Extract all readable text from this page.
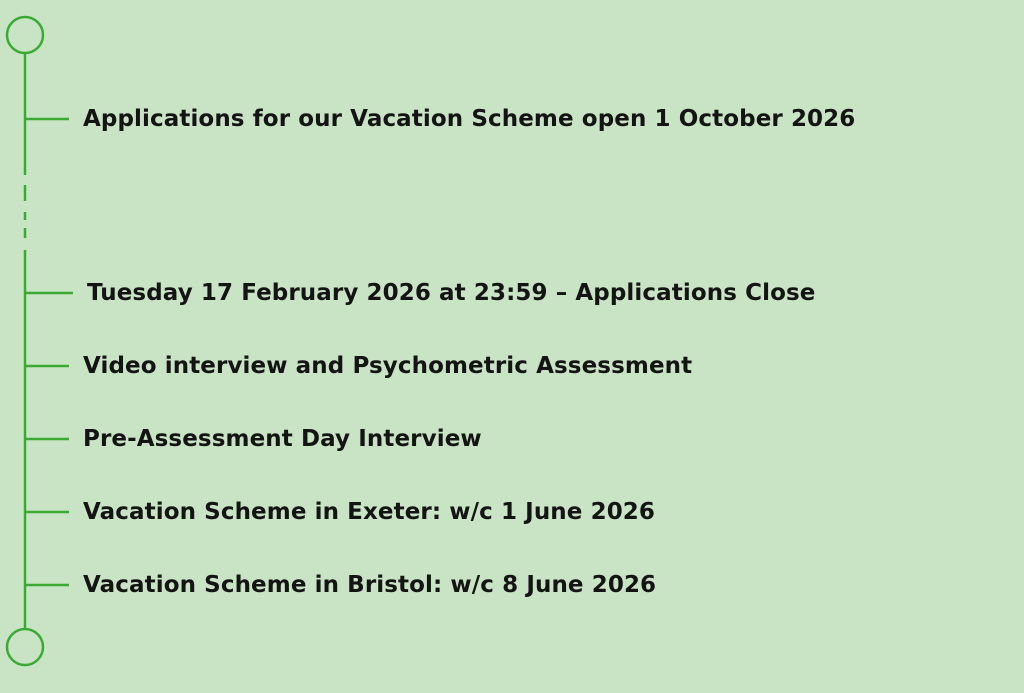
Applications for our Vacation Scheme open 1 October 2026
Tuesday 17 February 2026 at 23:59 – Applications Close
Video interview and Psychometric Assessment
Pre-Assessment Day Interview
Vacation Scheme in Exeter: w/c 1 June 2026
Vacation Scheme in Bristol: w/c 8 June 2026
